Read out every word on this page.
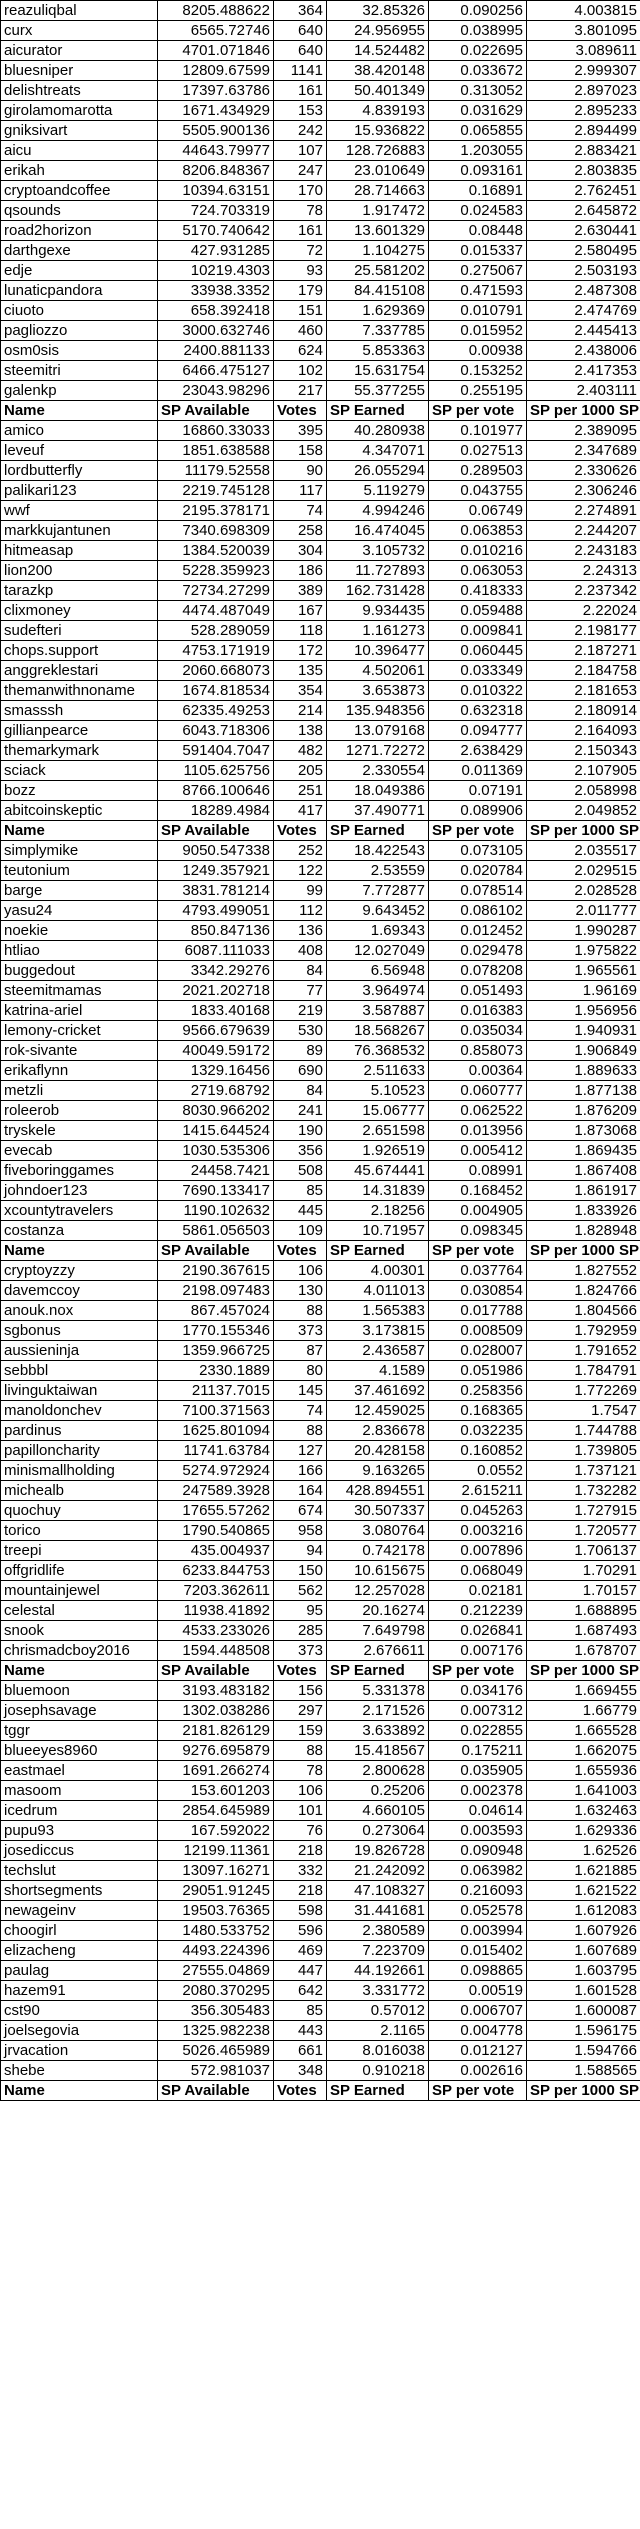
reazuliqbal	8205.488622	364	32.85326	0.090256	4.003815
curx	6565.72746	640	24.956955	0.038995	3.801095
aicurator	4701.071846	640	14.524482	0.022695	3.089611
bluesniper	12809.67599	1141	38.420148	0.033672	2.999307
delishtreats	17397.63786	161	50.401349	0.313052	2.897023
girolamomarotta	1671.434929	153	4.839193	0.031629	2.895233
gniksivart	5505.900136	242	15.936822	0.065855	2.894499
aicu	44643.79977	107	128.726883	1.203055	2.883421
erikah	8206.848367	247	23.010649	0.093161	2.803835
cryptoandcoffee	10394.63151	170	28.714663	0.16891	2.762451
qsounds	724.703319	78	1.917472	0.024583	2.645872
road2horizon	5170.740642	161	13.601329	0.08448	2.630441
darthgexe	427.931285	72	1.104275	0.015337	2.580495
edje	10219.4303	93	25.581202	0.275067	2.503193
lunaticpandora	33938.3352	179	84.415108	0.471593	2.487308
ciuoto	658.392418	151	1.629369	0.010791	2.474769
pagliozzo	3000.632746	460	7.337785	0.015952	2.445413
osm0sis	2400.881133	624	5.853363	0.00938	2.438006
steemitri	6466.475127	102	15.631754	0.153252	2.417353
galenkp	23043.98296	217	55.377255	0.255195	2.403111
Name	SP Available	Votes	SP Earned	SP per vote	SP per 1000 SP
amico	16860.33033	395	40.280938	0.101977	2.389095
leveuf	1851.638588	158	4.347071	0.027513	2.347689
lordbutterfly	11179.52558	90	26.055294	0.289503	2.330626
palikari123	2219.745128	117	5.119279	0.043755	2.306246
wwf	2195.378171	74	4.994246	0.06749	2.274891
markkujantunen	7340.698309	258	16.474045	0.063853	2.244207
hitmeasap	1384.520039	304	3.105732	0.010216	2.243183
lion200	5228.359923	186	11.727893	0.063053	2.24313
tarazkp	72734.27299	389	162.731428	0.418333	2.237342
clixmoney	4474.487049	167	9.934435	0.059488	2.22024
sudefteri	528.289059	118	1.161273	0.009841	2.198177
chops.support	4753.171919	172	10.396477	0.060445	2.187271
anggreklestari	2060.668073	135	4.502061	0.033349	2.184758
themanwithnoname	1674.818534	354	3.653873	0.010322	2.181653
smasssh	62335.49253	214	135.948356	0.632318	2.180914
gillianpearce	6043.718306	138	13.079168	0.094777	2.164093
themarkymark	591404.7047	482	1271.72272	2.638429	2.150343
sciack	1105.625756	205	2.330554	0.011369	2.107905
bozz	8766.100646	251	18.049386	0.07191	2.058998
abitcoinskeptic	18289.4984	417	37.490771	0.089906	2.049852
Name	SP Available	Votes	SP Earned	SP per vote	SP per 1000 SP
simplymike	9050.547338	252	18.422543	0.073105	2.035517
teutonium	1249.357921	122	2.53559	0.020784	2.029515
barge	3831.781214	99	7.772877	0.078514	2.028528
yasu24	4793.499051	112	9.643452	0.086102	2.011777
noekie	850.847136	136	1.69343	0.012452	1.990287
htliao	6087.111033	408	12.027049	0.029478	1.975822
buggedout	3342.29276	84	6.56948	0.078208	1.965561
steemitmamas	2021.202718	77	3.964974	0.051493	1.96169
katrina-ariel	1833.40168	219	3.587887	0.016383	1.956956
lemony-cricket	9566.679639	530	18.568267	0.035034	1.940931
rok-sivante	40049.59172	89	76.368532	0.858073	1.906849
erikaflynn	1329.16456	690	2.511633	0.00364	1.889633
metzli	2719.68792	84	5.10523	0.060777	1.877138
roleerob	8030.966202	241	15.06777	0.062522	1.876209
tryskele	1415.644524	190	2.651598	0.013956	1.873068
evecab	1030.535306	356	1.926519	0.005412	1.869435
fiveboringgames	24458.7421	508	45.674441	0.08991	1.867408
johndoer123	7690.133417	85	14.31839	0.168452	1.861917
xcountytravelers	1190.102632	445	2.18256	0.004905	1.833926
costanza	5861.056503	109	10.71957	0.098345	1.828948
Name	SP Available	Votes	SP Earned	SP per vote	SP per 1000 SP
cryptoyzzy	2190.367615	106	4.00301	0.037764	1.827552
davemccoy	2198.097483	130	4.011013	0.030854	1.824766
anouk.nox	867.457024	88	1.565383	0.017788	1.804566
sgbonus	1770.155346	373	3.173815	0.008509	1.792959
aussieninja	1359.966725	87	2.436587	0.028007	1.791652
sebbbl	2330.1889	80	4.1589	0.051986	1.784791
livinguktaiwan	21137.7015	145	37.461692	0.258356	1.772269
manoldonchev	7100.371563	74	12.459025	0.168365	1.7547
pardinus	1625.801094	88	2.836678	0.032235	1.744788
papilloncharity	11741.63784	127	20.428158	0.160852	1.739805
minismallholding	5274.972924	166	9.163265	0.0552	1.737121
michealb	247589.3928	164	428.894551	2.615211	1.732282
quochuy	17655.57262	674	30.507337	0.045263	1.727915
torico	1790.540865	958	3.080764	0.003216	1.720577
treepi	435.004937	94	0.742178	0.007896	1.706137
offgridlife	6233.844753	150	10.615675	0.068049	1.70291
mountainjewel	7203.362611	562	12.257028	0.02181	1.70157
celestal	11938.41892	95	20.16274	0.212239	1.688895
snook	4533.233026	285	7.649798	0.026841	1.687493
chrismadcboy2016	1594.448508	373	2.676611	0.007176	1.678707
Name	SP Available	Votes	SP Earned	SP per vote	SP per 1000 SP
bluemoon	3193.483182	156	5.331378	0.034176	1.669455
josephsavage	1302.038286	297	2.171526	0.007312	1.66779
tggr	2181.826129	159	3.633892	0.022855	1.665528
blueeyes8960	9276.695879	88	15.418567	0.175211	1.662075
eastmael	1691.266274	78	2.800628	0.035905	1.655936
masoom	153.601203	106	0.25206	0.002378	1.641003
icedrum	2854.645989	101	4.660105	0.04614	1.632463
pupu93	167.592022	76	0.273064	0.003593	1.629336
josediccus	12199.11361	218	19.826728	0.090948	1.62526
techslut	13097.16271	332	21.242092	0.063982	1.621885
shortsegments	29051.91245	218	47.108327	0.216093	1.621522
newageinv	19503.76365	598	31.441681	0.052578	1.612083
choogirl	1480.533752	596	2.380589	0.003994	1.607926
elizacheng	4493.224396	469	7.223709	0.015402	1.607689
paulag	27555.04869	447	44.192661	0.098865	1.603795
hazem91	2080.370295	642	3.331772	0.00519	1.601528
cst90	356.305483	85	0.57012	0.006707	1.600087
joelsegovia	1325.982238	443	2.1165	0.004778	1.596175
jrvacation	5026.465989	661	8.016038	0.012127	1.594766
shebe	572.981037	348	0.910218	0.002616	1.588565
Name	SP Available	Votes	SP Earned	SP per vote	SP per 1000 SP
